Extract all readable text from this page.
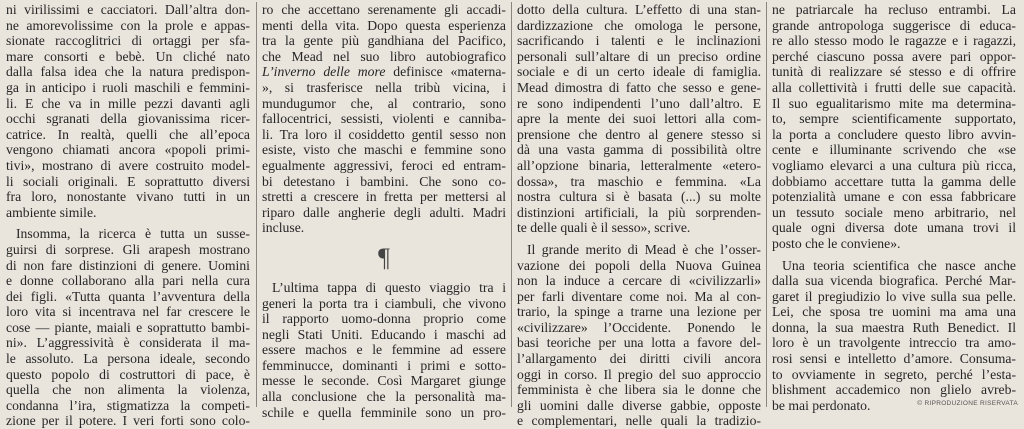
ni virilissimi e cacciatori. Dall’altra don-
ne amorevolissime con la prole e appas-
sionate raccoglitrici di ortaggi per sfa-
mare consorti e bebè. Un cliché nato
dalla falsa idea che la natura predispon-
ga in anticipo i ruoli maschili e femmini-
li. E che va in mille pezzi davanti agli
occhi sgranati della giovanissima ricer-
catrice. In realtà, quelli che all’epoca
vengono chiamati ancora «popoli primi-
tivi», mostrano di avere costruito model-
li sociali originali. E soprattutto diversi
fra loro, nonostante vivano tutti in un
ambiente simile.
Insomma, la ricerca è tutta un susse-
guirsi di sorprese. Gli arapesh mostrano
di non fare distinzioni di genere. Uomini
e donne collaborano alla pari nella cura
dei figli. «Tutta quanta l’avventura della
loro vita si incentrava nel far crescere le
cose — piante, maiali e soprattutto bambi-
ni». L’aggressività è considerata il ma-
le assoluto. La persona ideale, secondo
questo popolo di costruttori di pace, è
quella che non alimenta la violenza,
condanna l’ira, stigmatizza la competi-
zione per il potere. I veri forti sono colo-
ro che accettano serenamente gli accadi-
menti della vita. Dopo questa esperienza
tra la gente più gandhiana del Pacifico,
che Mead nel suo libro autobiografico
L’inverno delle more definisce «materna-
», si trasferisce nella tribù vicina, i
mundugumor che, al contrario, sono
fallocentrici, sessisti, violenti e canniba-
li. Tra loro il cosiddetto gentil sesso non
esiste, visto che maschi e femmine sono
egualmente aggressivi, feroci ed entram-
bi detestano i bambini. Che sono co-
stretti a crescere in fretta per mettersi al
riparo dalle angherie degli adulti. Madri
incluse.
¶
L’ultima tappa di questo viaggio tra i
generi la porta tra i ciambuli, che vivono
il rapporto uomo-donna proprio come
negli Stati Uniti. Educando i maschi ad
essere machos e le femmine ad essere
femminucce, dominanti i primi e sotto-
messe le seconde. Così Margaret giunge
alla conclusione che la personalità ma-
schile e quella femminile sono un pro-
dotto della cultura. L’effetto di una stan-
dardizzazione che omologa le persone,
sacrificando i talenti e le inclinazioni
personali sull’altare di un preciso ordine
sociale e di un certo ideale di famiglia.
Mead dimostra di fatto che sesso e gene-
re sono indipendenti l’uno dall’altro. E
apre la mente dei suoi lettori alla com-
prensione che dentro al genere stesso si
dà una vasta gamma di possibilità oltre
all’opzione binaria, letteralmente «etero-
dossa», tra maschio e femmina. «La
nostra cultura si è basata (...) su molte
distinzioni artificiali, la più sorprenden-
te delle quali è il sesso», scrive.
Il grande merito di Mead è che l’osser-
vazione dei popoli della Nuova Guinea
non la induce a cercare di «civilizzarli»
per farli diventare come noi. Ma al con-
trario, la spinge a trarne una lezione per
«civilizzare» l’Occidente. Ponendo le
basi teoriche per una lotta a favore del-
l’allargamento dei diritti civili ancora
oggi in corso. Il pregio del suo approccio
femminista è che libera sia le donne che
gli uomini dalle diverse gabbie, opposte
e complementari, nelle quali la tradizio-
ne patriarcale ha recluso entrambi. La
grande antropologa suggerisce di educa-
re allo stesso modo le ragazze e i ragazzi,
perché ciascuno possa avere pari oppor-
tunità di realizzare sé stesso e di offrire
alla collettività i frutti delle sue capacità.
Il suo egualitarismo mite ma determina-
to, sempre scientificamente supportato,
la porta a concludere questo libro avvin-
cente e illuminante scrivendo che «se
vogliamo elevarci a una cultura più ricca,
dobbiamo accettare tutta la gamma delle
potenzialità umane e con essa fabbricare
un tessuto sociale meno arbitrario, nel
quale ogni diversa dote umana trovi il
posto che le conviene».
Una teoria scientifica che nasce anche
dalla sua vicenda biografica. Perché Mar-
garet il pregiudizio lo vive sulla sua pelle.
Lei, che sposa tre uomini ma ama una
donna, la sua maestra Ruth Benedict. Il
loro è un travolgente intreccio tra amo-
rosi sensi e intelletto d’amore. Consuma-
to ovviamente in segreto, perché l’esta-
blishment accademico non glielo avreb-
be mai perdonato.	© RIPRODUZIONE RISERVATA
